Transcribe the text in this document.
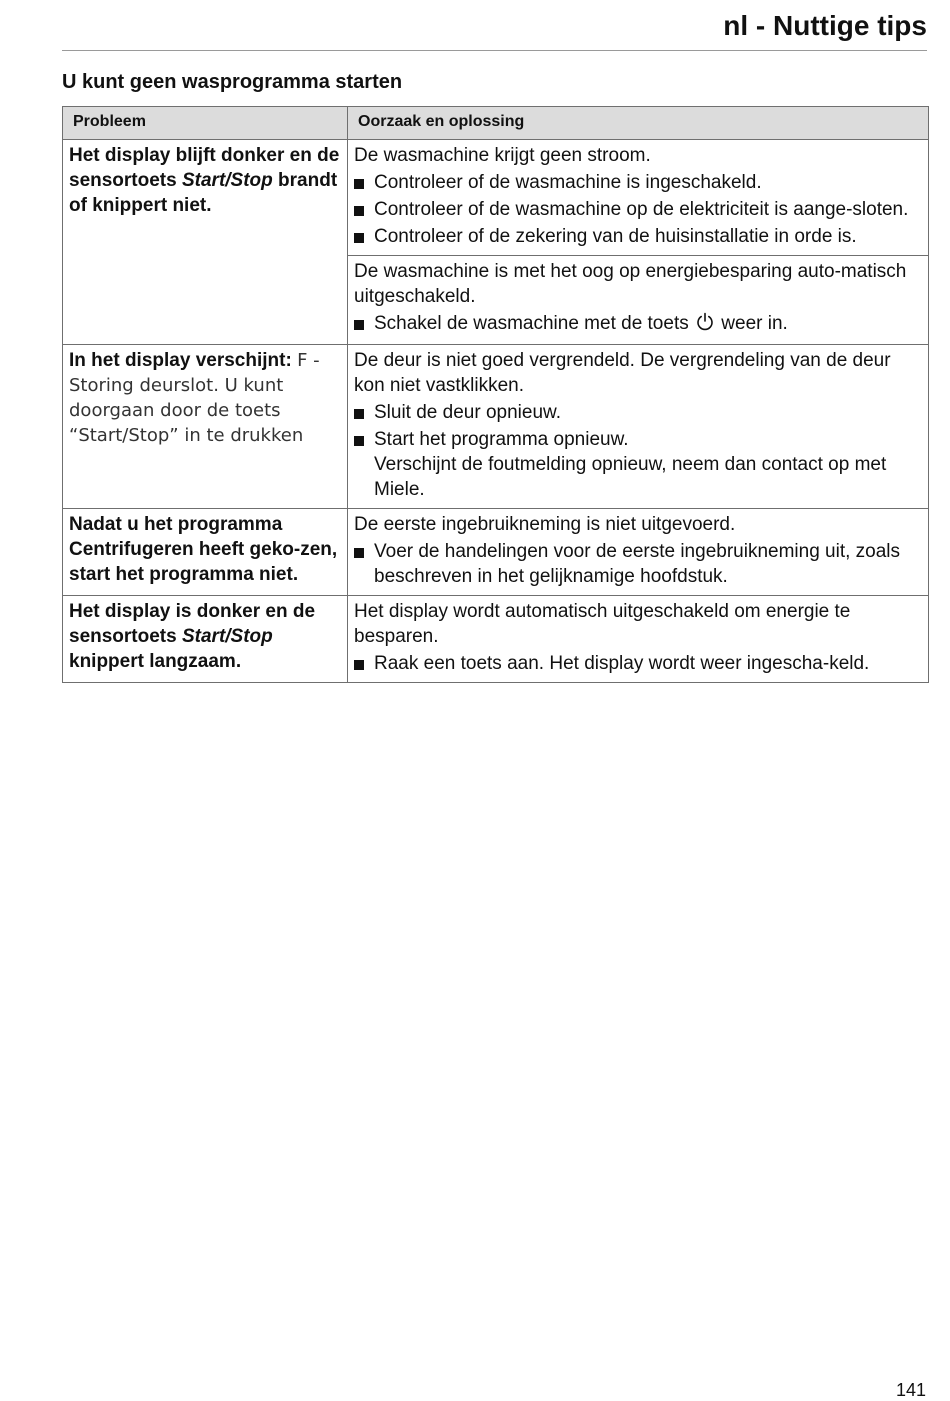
nl - Nuttige tips
U kunt geen wasprogramma starten
Probleem	Oorzaak en oplossing
Het display blijft donker en de sensortoets Start/Stop brandt of knippert niet.	De wasmachine krijgt geen stroom.
Controleer of de wasmachine is ingeschakeld.
Controleer of de wasmachine op de elektriciteit is aange-sloten.
Controleer of de zekering van de huisinstallatie in orde is.

	De wasmachine is met het oog op energiebesparing auto-matisch uitgeschakeld.
Schakel de wasmachine met de toets weer in.

In het display verschijnt: F -Storing deurslot. U kunt doorgaan door de toets “Start/Stop” in te drukken	De deur is niet goed vergrendeld. De vergrendeling van de deur kon niet vastklikken.
Sluit de deur opnieuw.
Start het programma opnieuw.
Verschijnt de foutmelding opnieuw, neem dan contact op met Miele.

Nadat u het programma Centrifugeren heeft geko-zen, start het programma niet.	De eerste ingebruikneming is niet uitgevoerd.
Voer de handelingen voor de eerste ingebruikneming uit, zoals beschreven in het gelijknamige hoofdstuk.

Het display is donker en de sensortoets Start/Stop knippert langzaam.	Het display wordt automatisch uitgeschakeld om energie te besparen.
Raak een toets aan. Het display wordt weer ingescha-keld.
141
